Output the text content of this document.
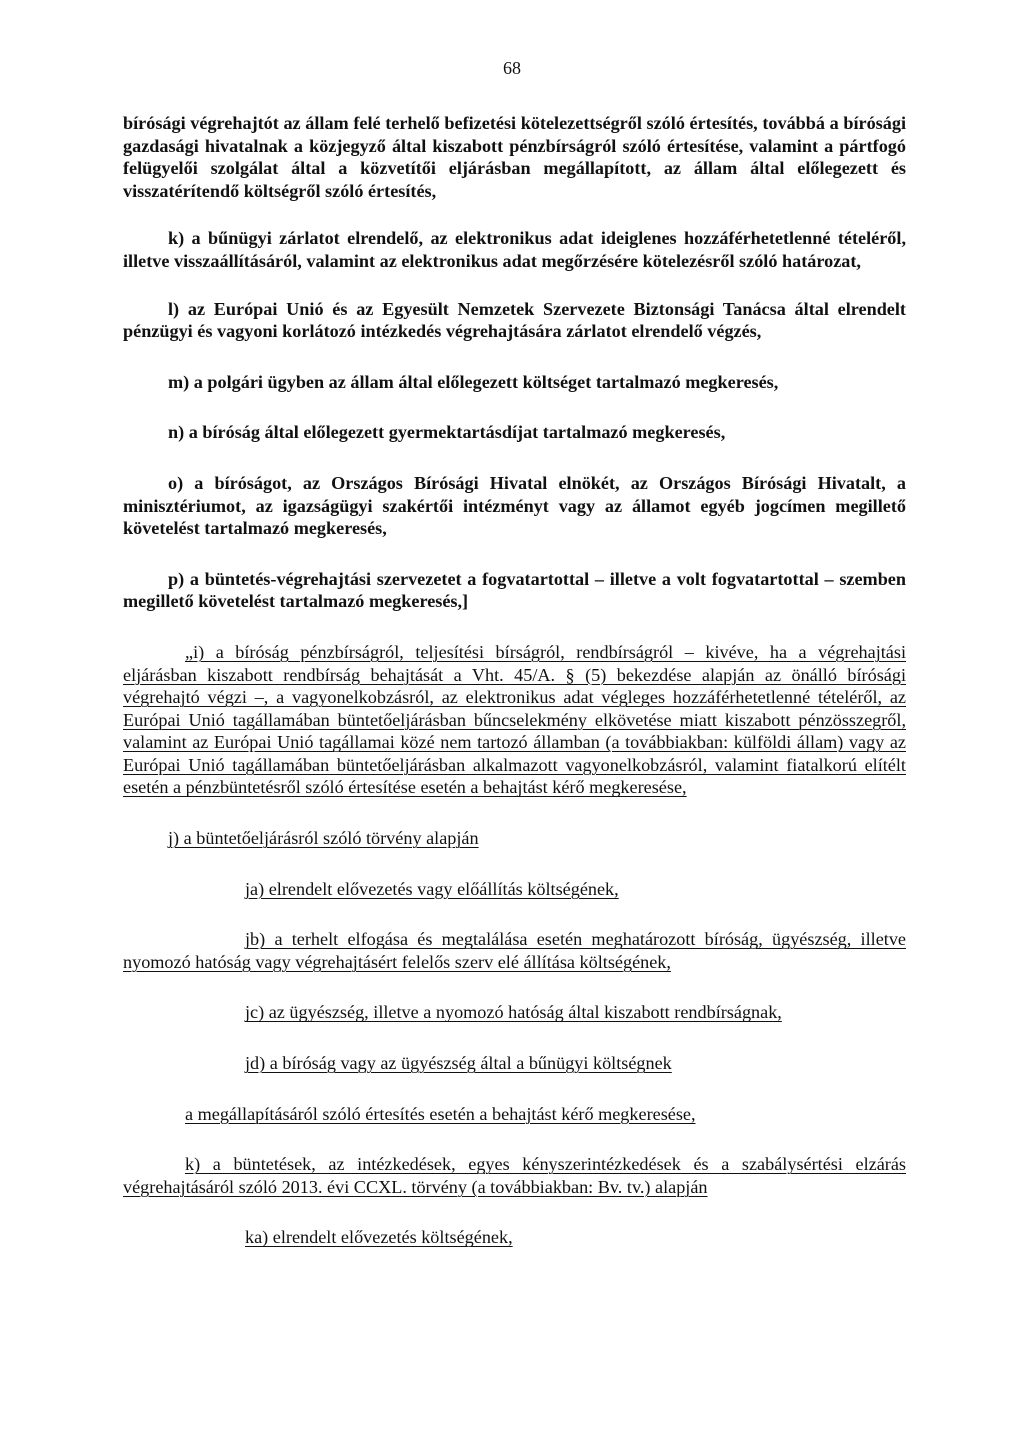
68

bírósági végrehajtót az állam felé terhelő befizetési kötelezettségről szóló értesítés, továbbá a bírósági gazdasági hivatalnak a közjegyző által kiszabott pénzbírságról szóló értesítése, valamint a pártfogó felügyelői szolgálat által a közvetítői eljárásban megállapított, az állam által előlegezett és visszatérítendő költségről szóló értesítés,

k) a bűnügyi zárlatot elrendelő, az elektronikus adat ideiglenes hozzáférhetetlenné tételéről, illetve visszaállításáról, valamint az elektronikus adat megőrzésére kötelezésről szóló határozat,

l) az Európai Unió és az Egyesült Nemzetek Szervezete Biztonsági Tanácsa által elrendelt pénzügyi és vagyoni korlátozó intézkedés végrehajtására zárlatot elrendelő végzés,

m) a polgári ügyben az állam által előlegezett költséget tartalmazó megkeresés,

n) a bíróság által előlegezett gyermektartásdíjat tartalmazó megkeresés,

o) a bíróságot, az Országos Bírósági Hivatal elnökét, az Országos Bírósági Hivatalt, a minisztériumot, az igazságügyi szakértői intézményt vagy az államot egyéb jogcímen megillető követelést tartalmazó megkeresés,

p) a büntetés-végrehajtási szervezetet a fogvatartottal – illetve a volt fogvatartottal – szemben megillető követelést tartalmazó megkeresés,]

„i) a bíróság pénzbírságról, teljesítési bírságról, rendbírságról – kivéve, ha a végrehajtási eljárásban kiszabott rendbírság behajtását a Vht. 45/A. § (5) bekezdése alapján az önálló bírósági végrehajtó végzi –, a vagyonelkobzásról, az elektronikus adat végleges hozzáférhetetlenné tételéről, az Európai Unió tagállamában büntetőeljárásban bűncselekmény elkövetése miatt kiszabott pénzösszegről, valamint az Európai Unió tagállamai közé nem tartozó államban (a továbbiakban: külföldi állam) vagy az Európai Unió tagállamában büntetőeljárásban alkalmazott vagyonelkobzásról, valamint fiatalkorú elítélt esetén a pénzbüntetésről szóló értesítése esetén a behajtást kérő megkeresése,

j) a büntetőeljárásról szóló törvény alapján

ja) elrendelt elővezetés vagy előállítás költségének,

jb) a terhelt elfogása és megtalálása esetén meghatározott bíróság, ügyészség, illetve nyomozó hatóság vagy végrehajtásért felelős szerv elé állítása költségének,

jc) az ügyészség, illetve a nyomozó hatóság által kiszabott rendbírságnak,

jd) a bíróság vagy az ügyészség által a bűnügyi költségnek

a megállapításáról szóló értesítés esetén a behajtást kérő megkeresése,

k) a büntetések, az intézkedések, egyes kényszerintézkedések és a szabálysértési elzárás végrehajtásáról szóló 2013. évi CCXL. törvény (a továbbiakban: Bv. tv.) alapján

ka) elrendelt elővezetés költségének,
